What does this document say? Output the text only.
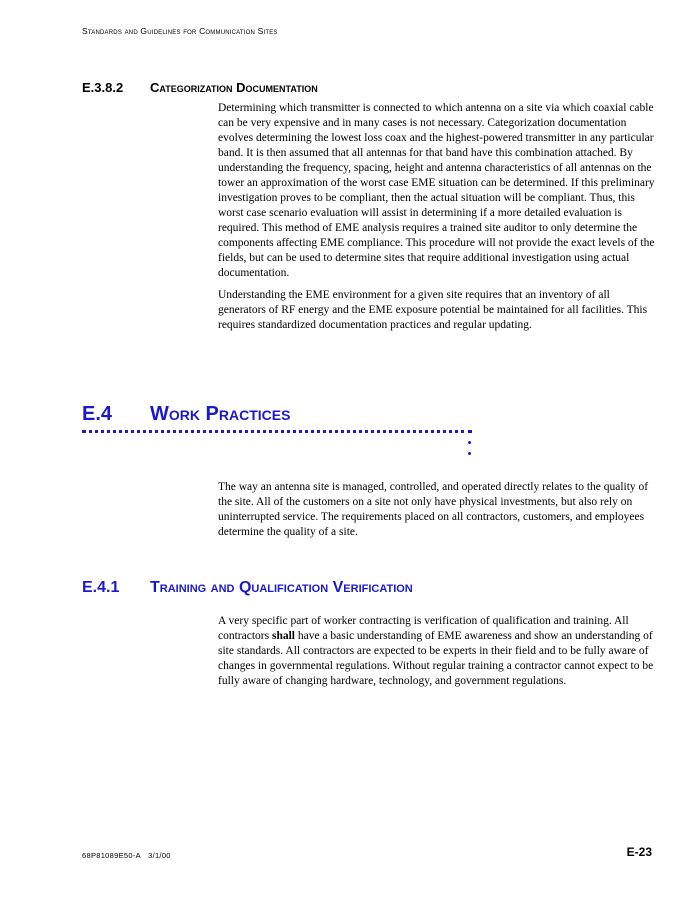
Standards and Guidelines for Communication Sites
E.3.8.2	Categorization Documentation

Determining which transmitter is connected to which antenna on a site via which coaxial cable can be very expensive and in many cases is not necessary. Categorization documentation evolves determining the lowest loss coax and the highest-powered transmitter in any particular band. It is then assumed that all antennas for that band have this combination attached. By understanding the frequency, spacing, height and antenna characteristics of all antennas on the tower an approximation of the worst case EME situation can be determined. If this preliminary investigation proves to be compliant, then the actual situation will be compliant. Thus, this worst case scenario evaluation will assist in determining if a more detailed evaluation is required. This method of EME analysis requires a trained site auditor to only determine the components affecting EME compliance. This procedure will not provide the exact levels of the fields, but can be used to determine sites that require additional investigation using actual documentation.

Understanding the EME environment for a given site requires that an inventory of all generators of RF energy and the EME exposure potential be maintained for all facilities. This requires standardized documentation practices and regular updating.

E.4	Work Practices

The way an antenna site is managed, controlled, and operated directly relates to the quality of the site. All of the customers on a site not only have physical investments, but also rely on uninterrupted service. The requirements placed on all contractors, customers, and employees determine the quality of a site.

E.4.1	Training and Qualification Verification

A very specific part of worker contracting is verification of qualification and training. All contractors shall have a basic understanding of EME awareness and show an understanding of site standards. All contractors are expected to be experts in their field and to be fully aware of changes in governmental regulations. Without regular training a contractor cannot expect to be fully aware of changing hardware, technology, and government regulations.

68P81089E50-A 3/1/00	E-23
